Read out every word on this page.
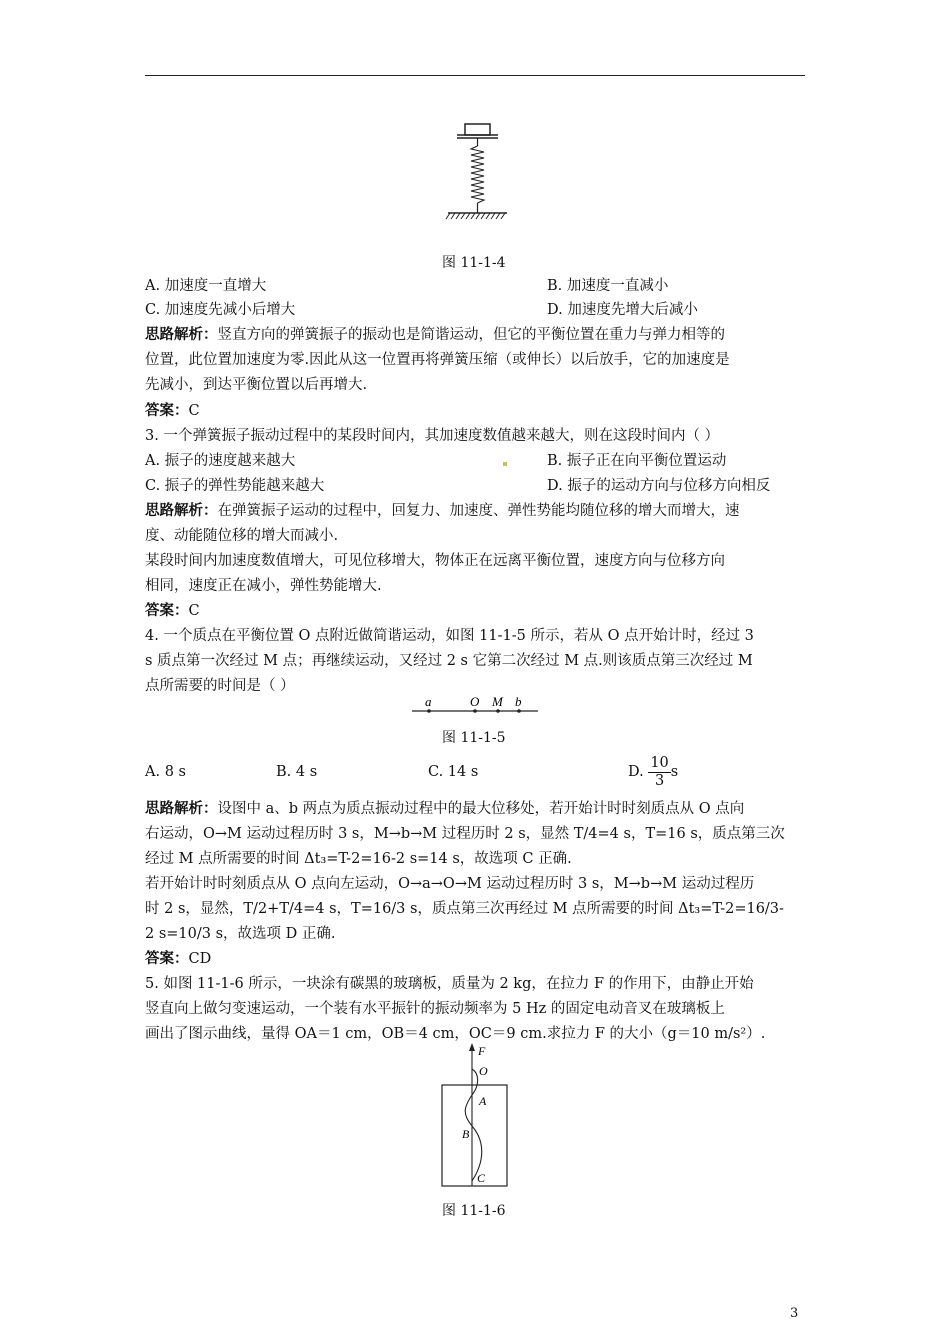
图 11-1-4
A. 加速度一直增大	B. 加速度一直减小
C. 加速度先减小后增大	D. 加速度先增大后减小
思路解析：竖直方向的弹簧振子的振动也是简谐运动，但它的平衡位置在重力与弹力相等的
位置，此位置加速度为零.因此从这一位置再将弹簧压缩（或伸长）以后放手，它的加速度是
先减小，到达平衡位置以后再增大.
答案：C
3. 一个弹簧振子振动过程中的某段时间内，其加速度数值越来越大，则在这段时间内（ ）
A. 振子的速度越来越大	B. 振子正在向平衡位置运动
C. 振子的弹性势能越来越大	D. 振子的运动方向与位移方向相反
思路解析：在弹簧振子运动的过程中，回复力、加速度、弹性势能均随位移的增大而增大，速
度、动能随位移的增大而减小.
某段时间内加速度数值增大，可见位移增大，物体正在远离平衡位置，速度方向与位移方向
相同，速度正在减小，弹性势能增大.
答案：C
4. 一个质点在平衡位置 O 点附近做简谐运动，如图 11-1-5 所示，若从 O 点开始计时，经过 3
s 质点第一次经过 M 点；再继续运动，又经过 2 s 它第二次经过 M 点.则该质点第三次经过 M
点所需要的时间是（ ）
a	O M b
图 11-1-5
A. 8 s	B. 4 s	C. 14 s	D. $\frac{10}{3}$ s
思路解析：设图中 a、b 两点为质点振动过程中的最大位移处，若开始计时时刻质点从 O 点向
右运动，O→M 运动过程历时 3 s，M→b→M 过程历时 2 s，显然 T/4=4 s，T=16 s，质点第三次
经过 M 点所需要的时间 Δt₃=T-2=16-2 s=14 s，故选项 C 正确.
若开始计时时刻质点从 O 点向左运动，O→a→O→M 运动过程历时 3 s，M→b→M 运动过程历
时 2 s，显然，T/2+T/4=4 s，T=16/3 s，质点第三次再经过 M 点所需要的时间 Δt₃=T-2=16/3-
2 s=10/3 s，故选项 D 正确.
答案：CD
5. 如图 11-1-6 所示，一块涂有碳黑的玻璃板，质量为 2 kg，在拉力 F 的作用下，由静止开始
竖直向上做匀变速运动，一个装有水平振针的振动频率为 5 Hz 的固定电动音叉在玻璃板上
画出了图示曲线，量得 OA＝1 cm，OB＝4 cm，OC＝9 cm.求拉力 F 的大小（g＝10 m/s²）.
F
O
A
B
C
图 11-1-6
3
